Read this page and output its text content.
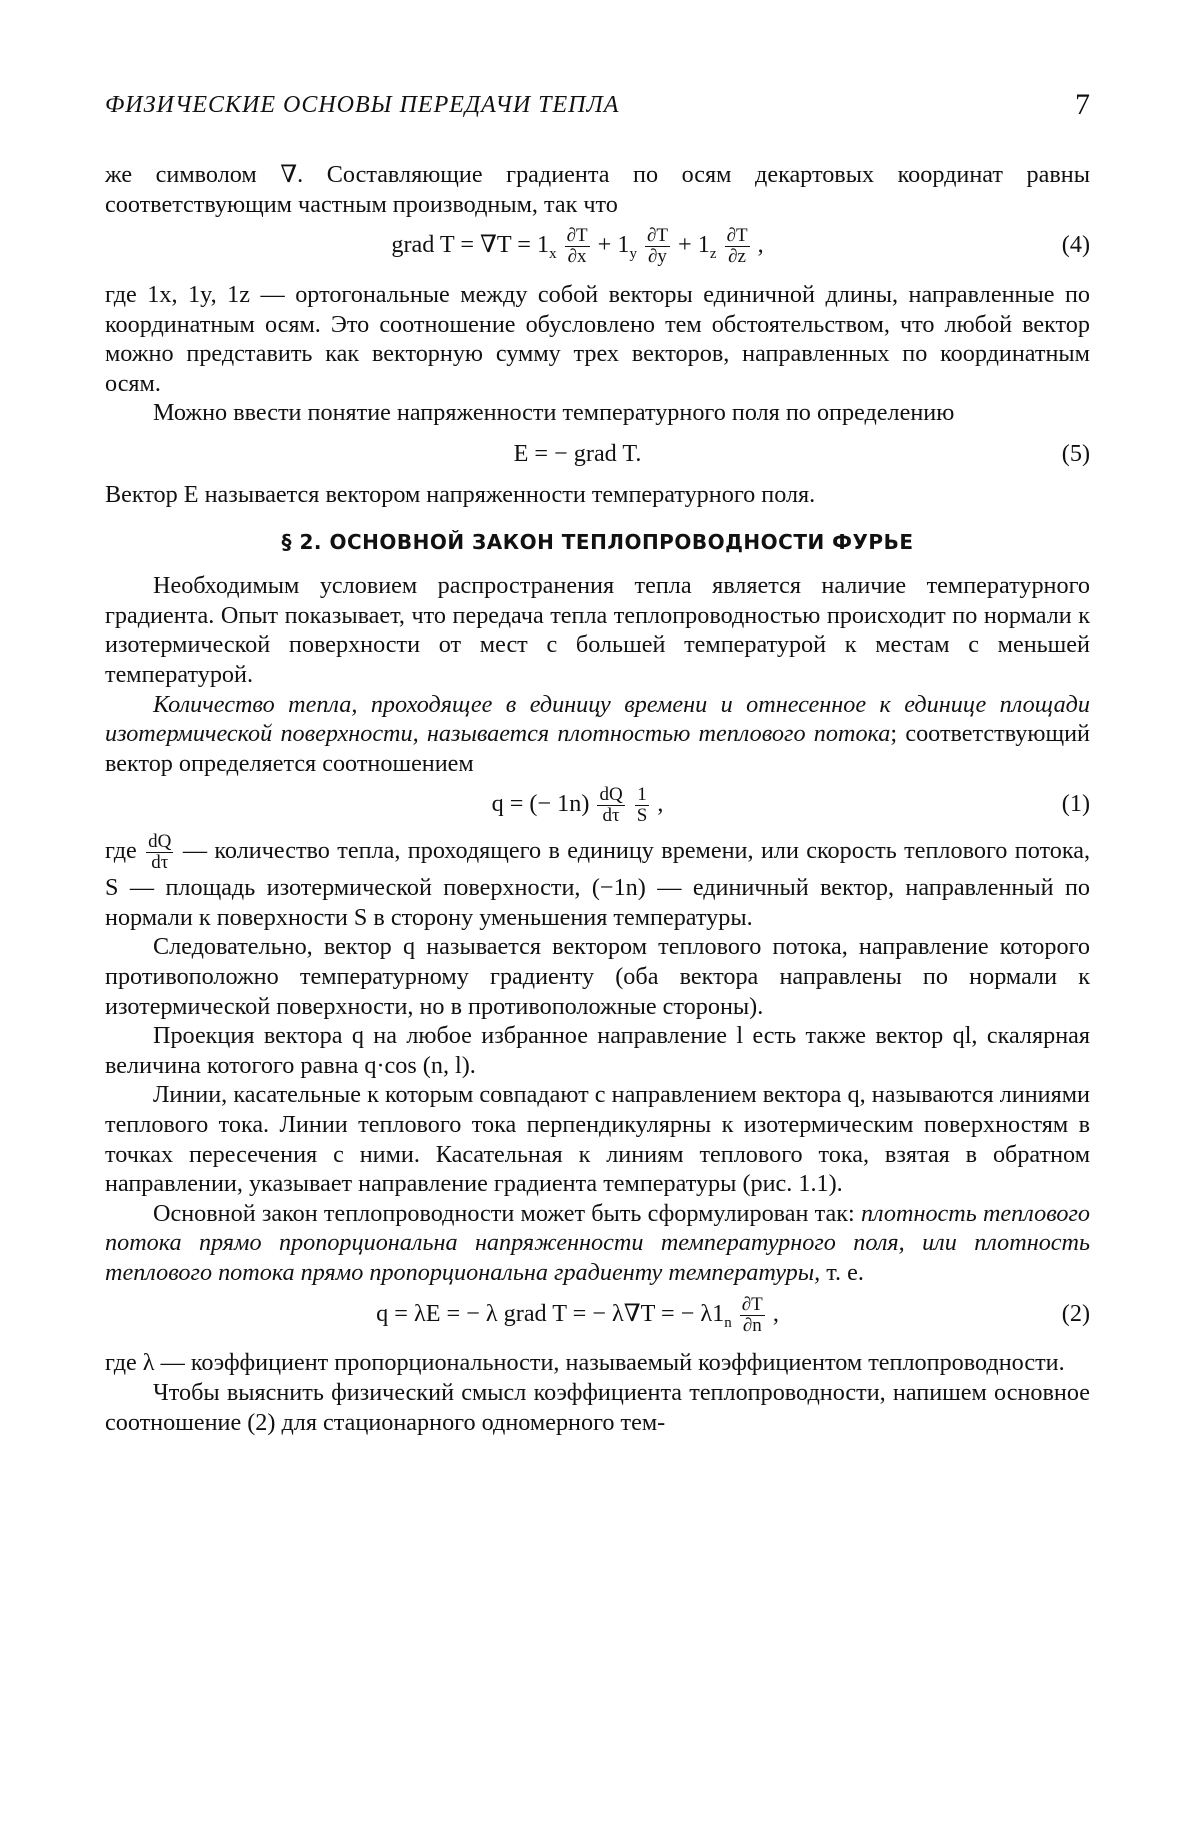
ФИЗИЧЕСКИЕ ОСНОВЫ ПЕРЕДАЧИ ТЕПЛА	7

же символом ∇. Составляющие градиента по осям декартовых координат равны соответствующим частным производным, так что

grad $T = \nabla T = 1_x \frac{\partial T}{\partial x} + 1_y \frac{\partial T}{\partial y} + 1_z \frac{\partial T}{\partial z}$ ,	(4)

где 1x, 1y, 1z — ортогональные между собой векторы единичной длины, направленные по координатным осям. Это соотношение обусловлено тем обстоятельством, что любой вектор можно представить как векторную сумму трех векторов, направленных по координатным осям.

Можно ввести понятие напряженности температурного поля по определению

E = − grad T.	(5)

Вектор E называется вектором напряженности температурного поля.

§ 2. ОСНОВНОЙ ЗАКОН ТЕПЛОПРОВОДНОСТИ ФУРЬЕ

Необходимым условием распространения тепла является наличие температурного градиента. Опыт показывает, что передача тепла теплопроводностью происходит по нормали к изотермической поверхности от мест с большей температурой к местам с меньшей температурой.

Количество тепла, проходящее в единицу времени и отнесенное к единице площади изотермической поверхности, называется плотностью теплового потока; соответствующий вектор определяется соотношением

q = (− $1n) \frac{dQ}{d\tau}$
$\frac{1}{S}$ ,	(1)

где $\frac{dQ}{d\tau}$ — количество тепла, проходящего в единицу времени, или скорость теплового потока, S — площадь изотермической поверхности, (−1n) — единичный вектор, направленный по нормали к поверхности S в сторону уменьшения температуры.

Следовательно, вектор q называется вектором теплового потока, направление которого противоположно температурному градиенту (оба вектора направлены по нормали к изотермической поверхности, но в противоположные стороны).

Проекция вектора q на любое избранное направление l есть также вектор ql, скалярная величина котогого равна q·cos (n, l).

Линии, касательные к которым совпадают с направлением вектора q, называются линиями теплового тока. Линии теплового тока перпендикулярны к изотермическим поверхностям в точках пересечения с ними. Касательная к линиям теплового тока, взятая в обратном направлении, указывает направление градиента температуры (рис. 1.1).

Основной закон теплопроводности может быть сформулирован так: плотность теплового потока прямо пропорциональна напряженности температурного поля, или плотность теплового потока прямо пропорциональна градиенту температуры, т. е.

q = λE = − λ grad T = − λ∇T = − $\lambda 1_n \frac{\partial T}{\partial n}$ ,	(2)

где λ — коэффициент пропорциональности, называемый коэффициентом теплопроводности.

Чтобы выяснить физический смысл коэффициента теплопроводности, напишем основное соотношение (2) для стационарного одномерного тем-
